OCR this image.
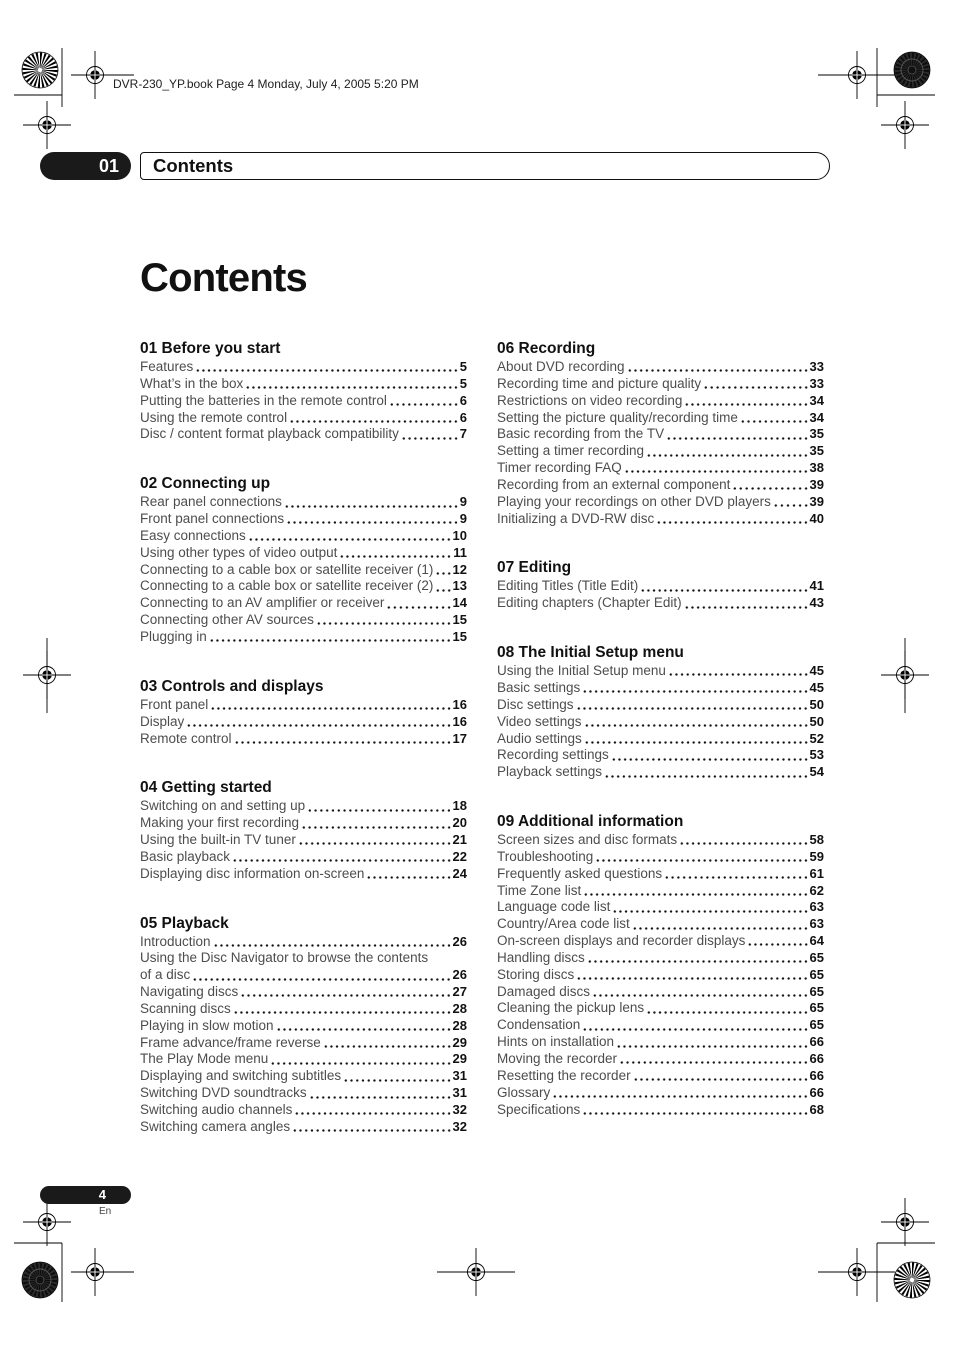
DVR-230_YP.book Page 4 Monday, July 4, 2005 5:20 PM
01	Contents
Contents
01 Before you start
Features	5
What’s in the box	5
Putting the batteries in the remote control	6
Using the remote control	6
Disc / content format playback compatibility	7
02 Connecting up
Rear panel connections	9
Front panel connections	9
Easy connections	10
Using other types of video output	11
Connecting to a cable box or satellite receiver (1) 12
Connecting to a cable box or satellite receiver (2) 13
Connecting to an AV amplifier or receiver	14
Connecting other AV sources	15
Plugging in	15
03 Controls and displays
Front panel	16
Display	16
Remote control	17
04 Getting started
Switching on and setting up	18
Making your first recording	20
Using the built-in TV tuner	21
Basic playback	22
Displaying disc information on-screen	24
05 Playback
Introduction	26
Using the Disc Navigator to browse the contents
of a disc	26
Navigating discs	27
Scanning discs	28
Playing in slow motion	28
Frame advance/frame reverse	29
The Play Mode menu	29
Displaying and switching subtitles	31
Switching DVD soundtracks	31
Switching audio channels	32
Switching camera angles	32
06 Recording
About DVD recording	33
Recording time and picture quality	33
Restrictions on video recording	34
Setting the picture quality/recording time	34
Basic recording from the TV	35
Setting a timer recording	35
Timer recording FAQ	38
Recording from an external component	39
Playing your recordings on other DVD players	39
Initializing a DVD-RW disc	40
07 Editing
Editing Titles (Title Edit)	41
Editing chapters (Chapter Edit)	43
08 The Initial Setup menu
Using the Initial Setup menu	45
Basic settings	45
Disc settings	50
Video settings	50
Audio settings	52
Recording settings	53
Playback settings	54
09 Additional information
Screen sizes and disc formats	58
Troubleshooting	59
Frequently asked questions	61
Time Zone list	62
Language code list	63
Country/Area code list	63
On-screen displays and recorder displays	64
Handling discs	65
Storing discs	65
Damaged discs	65
Cleaning the pickup lens	65
Condensation	65
Hints on installation	66
Moving the recorder	66
Resetting the recorder	66
Glossary	66
Specifications	68
4
En
